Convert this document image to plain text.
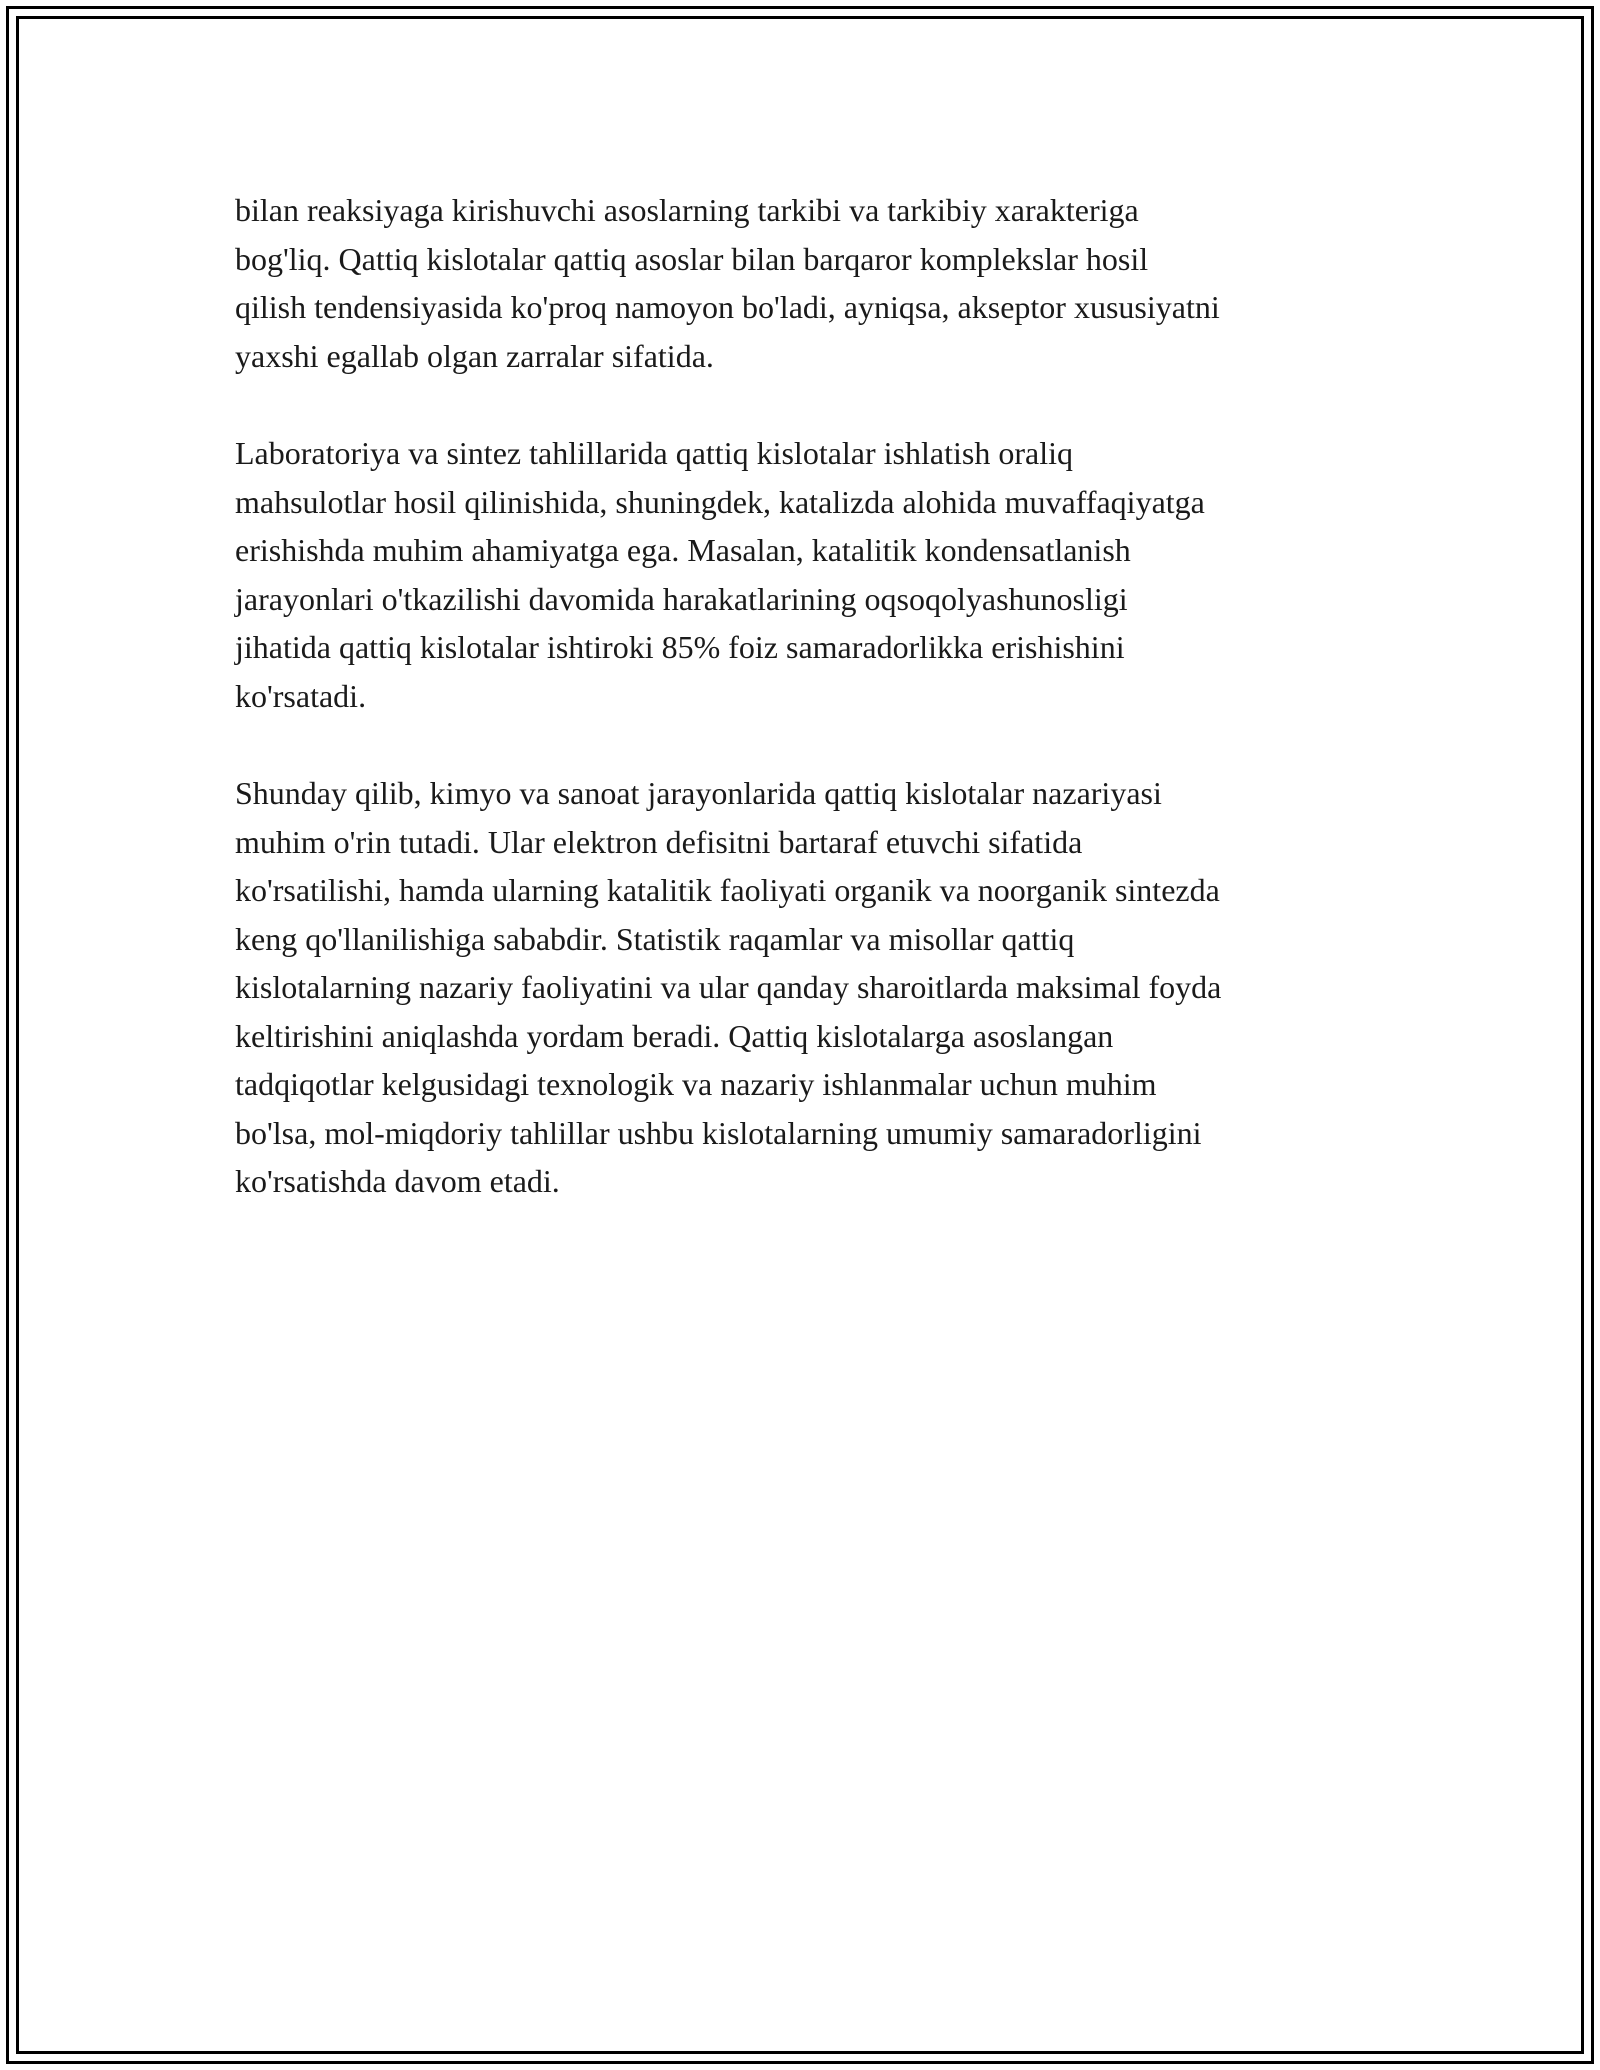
bilan reaksiyaga kirishuvchi asoslarning tarkibi va tarkibiy xarakteriga
bog'liq. Qattiq kislotalar qattiq asoslar bilan barqaror komplekslar hosil
qilish tendensiyasida ko'proq namoyon bo'ladi, ayniqsa, akseptor xususiyatni
yaxshi egallab olgan zarralar sifatida.

Laboratoriya va sintez tahlillarida qattiq kislotalar ishlatish oraliq
mahsulotlar hosil qilinishida, shuningdek, katalizda alohida muvaffaqiyatga
erishishda muhim ahamiyatga ega. Masalan, katalitik kondensatlanish
jarayonlari o'tkazilishi davomida harakatlarining oqsoqolyashunosligi
jihatida qattiq kislotalar ishtiroki 85% foiz samaradorlikka erishishini
ko'rsatadi.

Shunday qilib, kimyo va sanoat jarayonlarida qattiq kislotalar nazariyasi
muhim o'rin tutadi. Ular elektron defisitni bartaraf etuvchi sifatida
ko'rsatilishi, hamda ularning katalitik faoliyati organik va noorganik sintezda
keng qo'llanilishiga sababdir. Statistik raqamlar va misollar qattiq
kislotalarning nazariy faoliyatini va ular qanday sharoitlarda maksimal foyda
keltirishini aniqlashda yordam beradi. Qattiq kislotalarga asoslangan
tadqiqotlar kelgusidagi texnologik va nazariy ishlanmalar uchun muhim
bo'lsa, mol-miqdoriy tahlillar ushbu kislotalarning umumiy samaradorligini
ko'rsatishda davom etadi.
